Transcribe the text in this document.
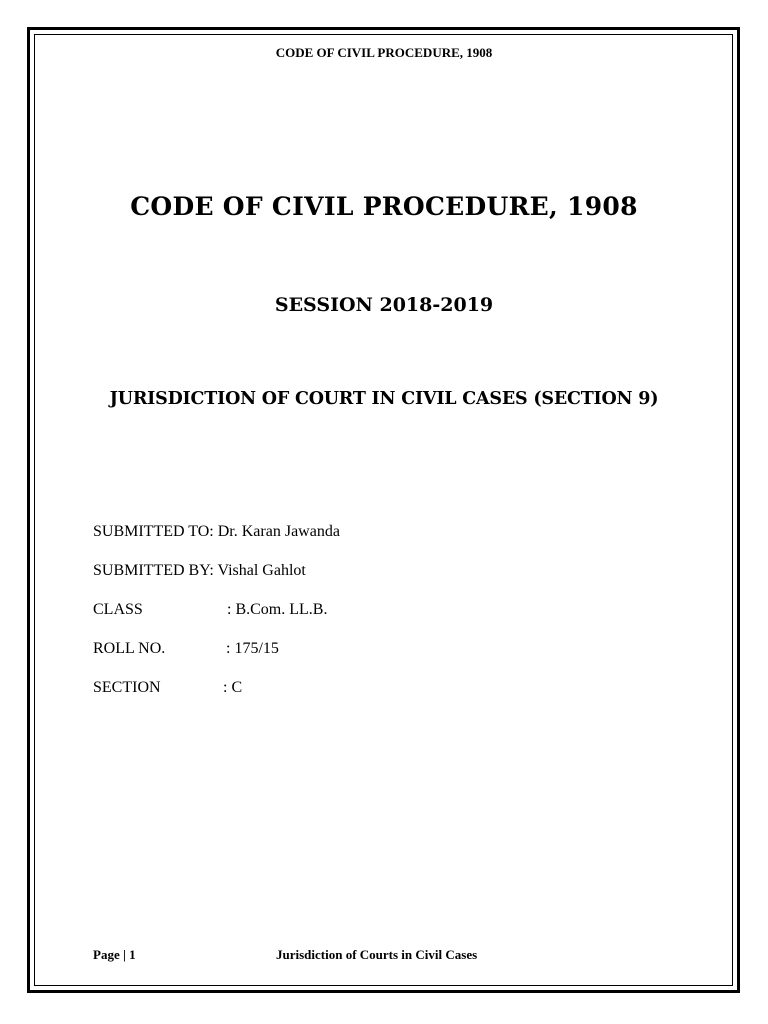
CODE OF CIVIL PROCEDURE, 1908
CODE OF CIVIL PROCEDURE, 1908
SESSION 2018-2019
JURISDICTION OF COURT IN CIVIL CASES (SECTION 9)
SUBMITTED TO: Dr. Karan Jawanda
SUBMITTED BY: Vishal Gahlot
CLASS	: B.Com. LL.B.
ROLL NO.	: 175/15
SECTION	: C
Page | 1	Jurisdiction of Courts in Civil Cases
